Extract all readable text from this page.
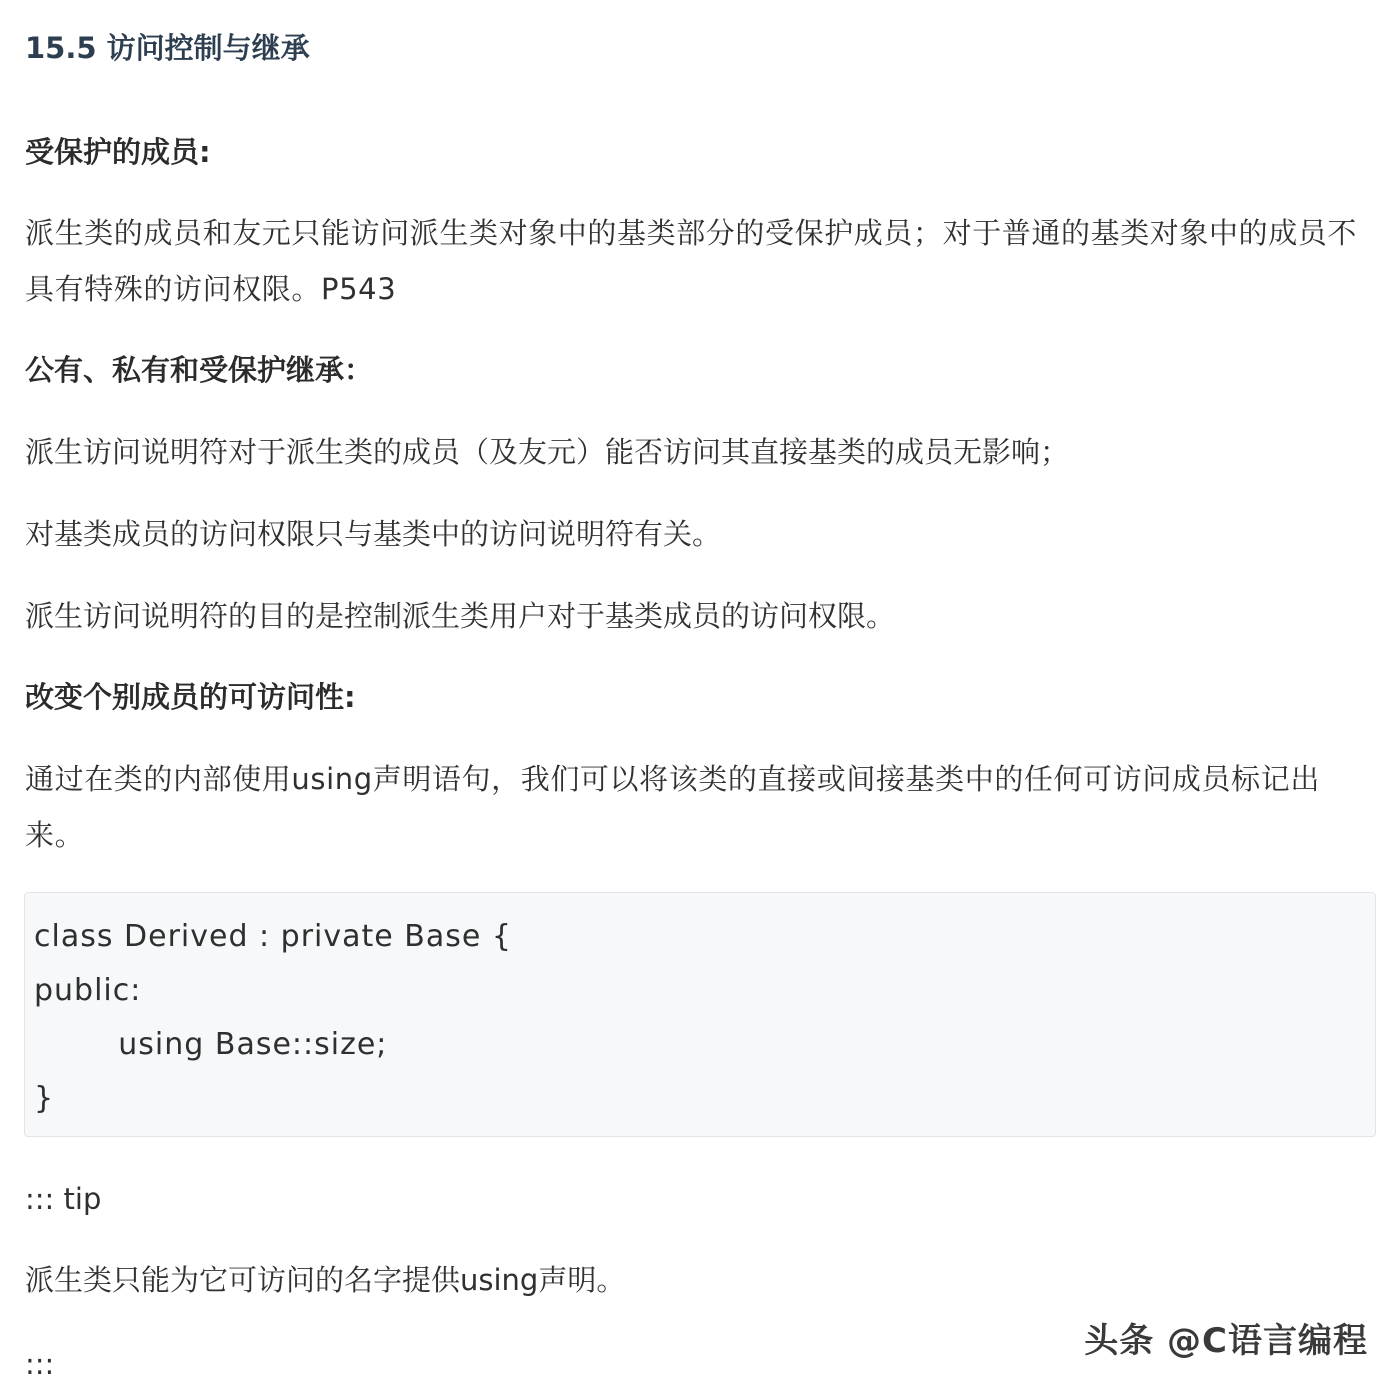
15.5 访问控制与继承

受保护的成员:

派生类的成员和友元只能访问派生类对象中的基类部分的受保护成员；对于普通的基类对象中的成员不具有特殊的访问权限。P543

公有、私有和受保护继承：

派生访问说明符对于派生类的成员（及友元）能否访问其直接基类的成员无影响；

对基类成员的访问权限只与基类中的访问说明符有关。

派生访问说明符的目的是控制派生类用户对于基类成员的访问权限。

改变个别成员的可访问性:

通过在类的内部使用using声明语句，我们可以将该类的直接或间接基类中的任何可访问成员标记出来。

class Derived : private Base {
public:
using Base::size;
}

::: tip

派生类只能为它可访问的名字提供using声明。

:::

头条 @C语言编程
